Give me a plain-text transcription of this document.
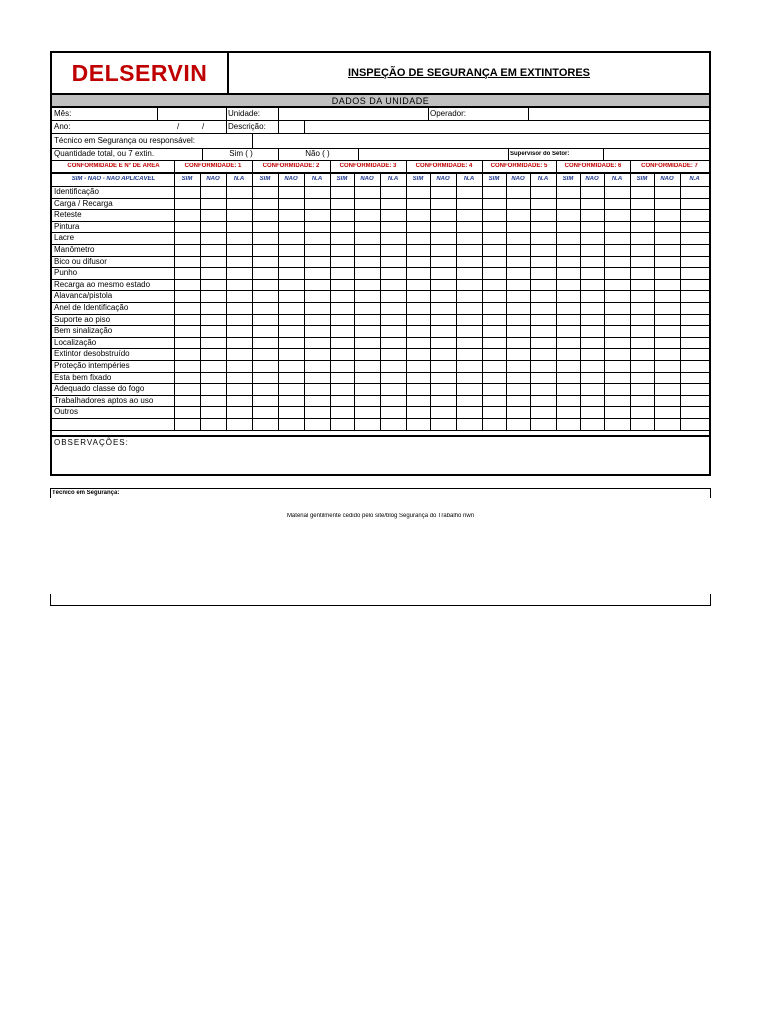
DELSERVIN	INSPEÇÃO DE SEGURANÇA EM EXTINTORES
DADOS DA UNIDADE
Mês:	Unidade:	Operador:
Ano:	/	/	Descrição:
Técnico em Segurança ou responsável:
Quantidade total, ou 7 extin.	Sim ( )	Não ( )	Supervisor do Setor:
CONFORMIDADE E Nº DE ÁREA	CONFORMIDADE: 1	CONFORMIDADE: 2	CONFORMIDADE: 3	CONFORMIDADE: 4	CONFORMIDADE: 5	CONFORMIDADE: 6	CONFORMIDADE: 7
SIM - NÃO - NÃO APLICÁVEL	SIM	NÃO	N.A	SIM	NÃO	N.A	SIM	NÃO	N.A	SIM	NÃO	N.A	SIM	NÃO	N.A	SIM	NÃO	N.A	SIM	NÃO	N.A
Identificação
Carga / Recarga
Reteste
Pintura
Lacre
Manômetro
Bico ou difusor
Punho
Recarga ao mesmo estado
Alavanca/pistola
Anel de Identificação
Suporte ao piso
Bem sinalização
Localização
Extintor desobstruído
Proteção intempéries
Esta bem fixado
Adequado classe do fogo
Trabalhadores aptos ao uso
Outros
OBSERVAÇÕES:
Técnico em Segurança:
Material gentilmente cedido pelo site/blog Segurança do Trabalho nwn
